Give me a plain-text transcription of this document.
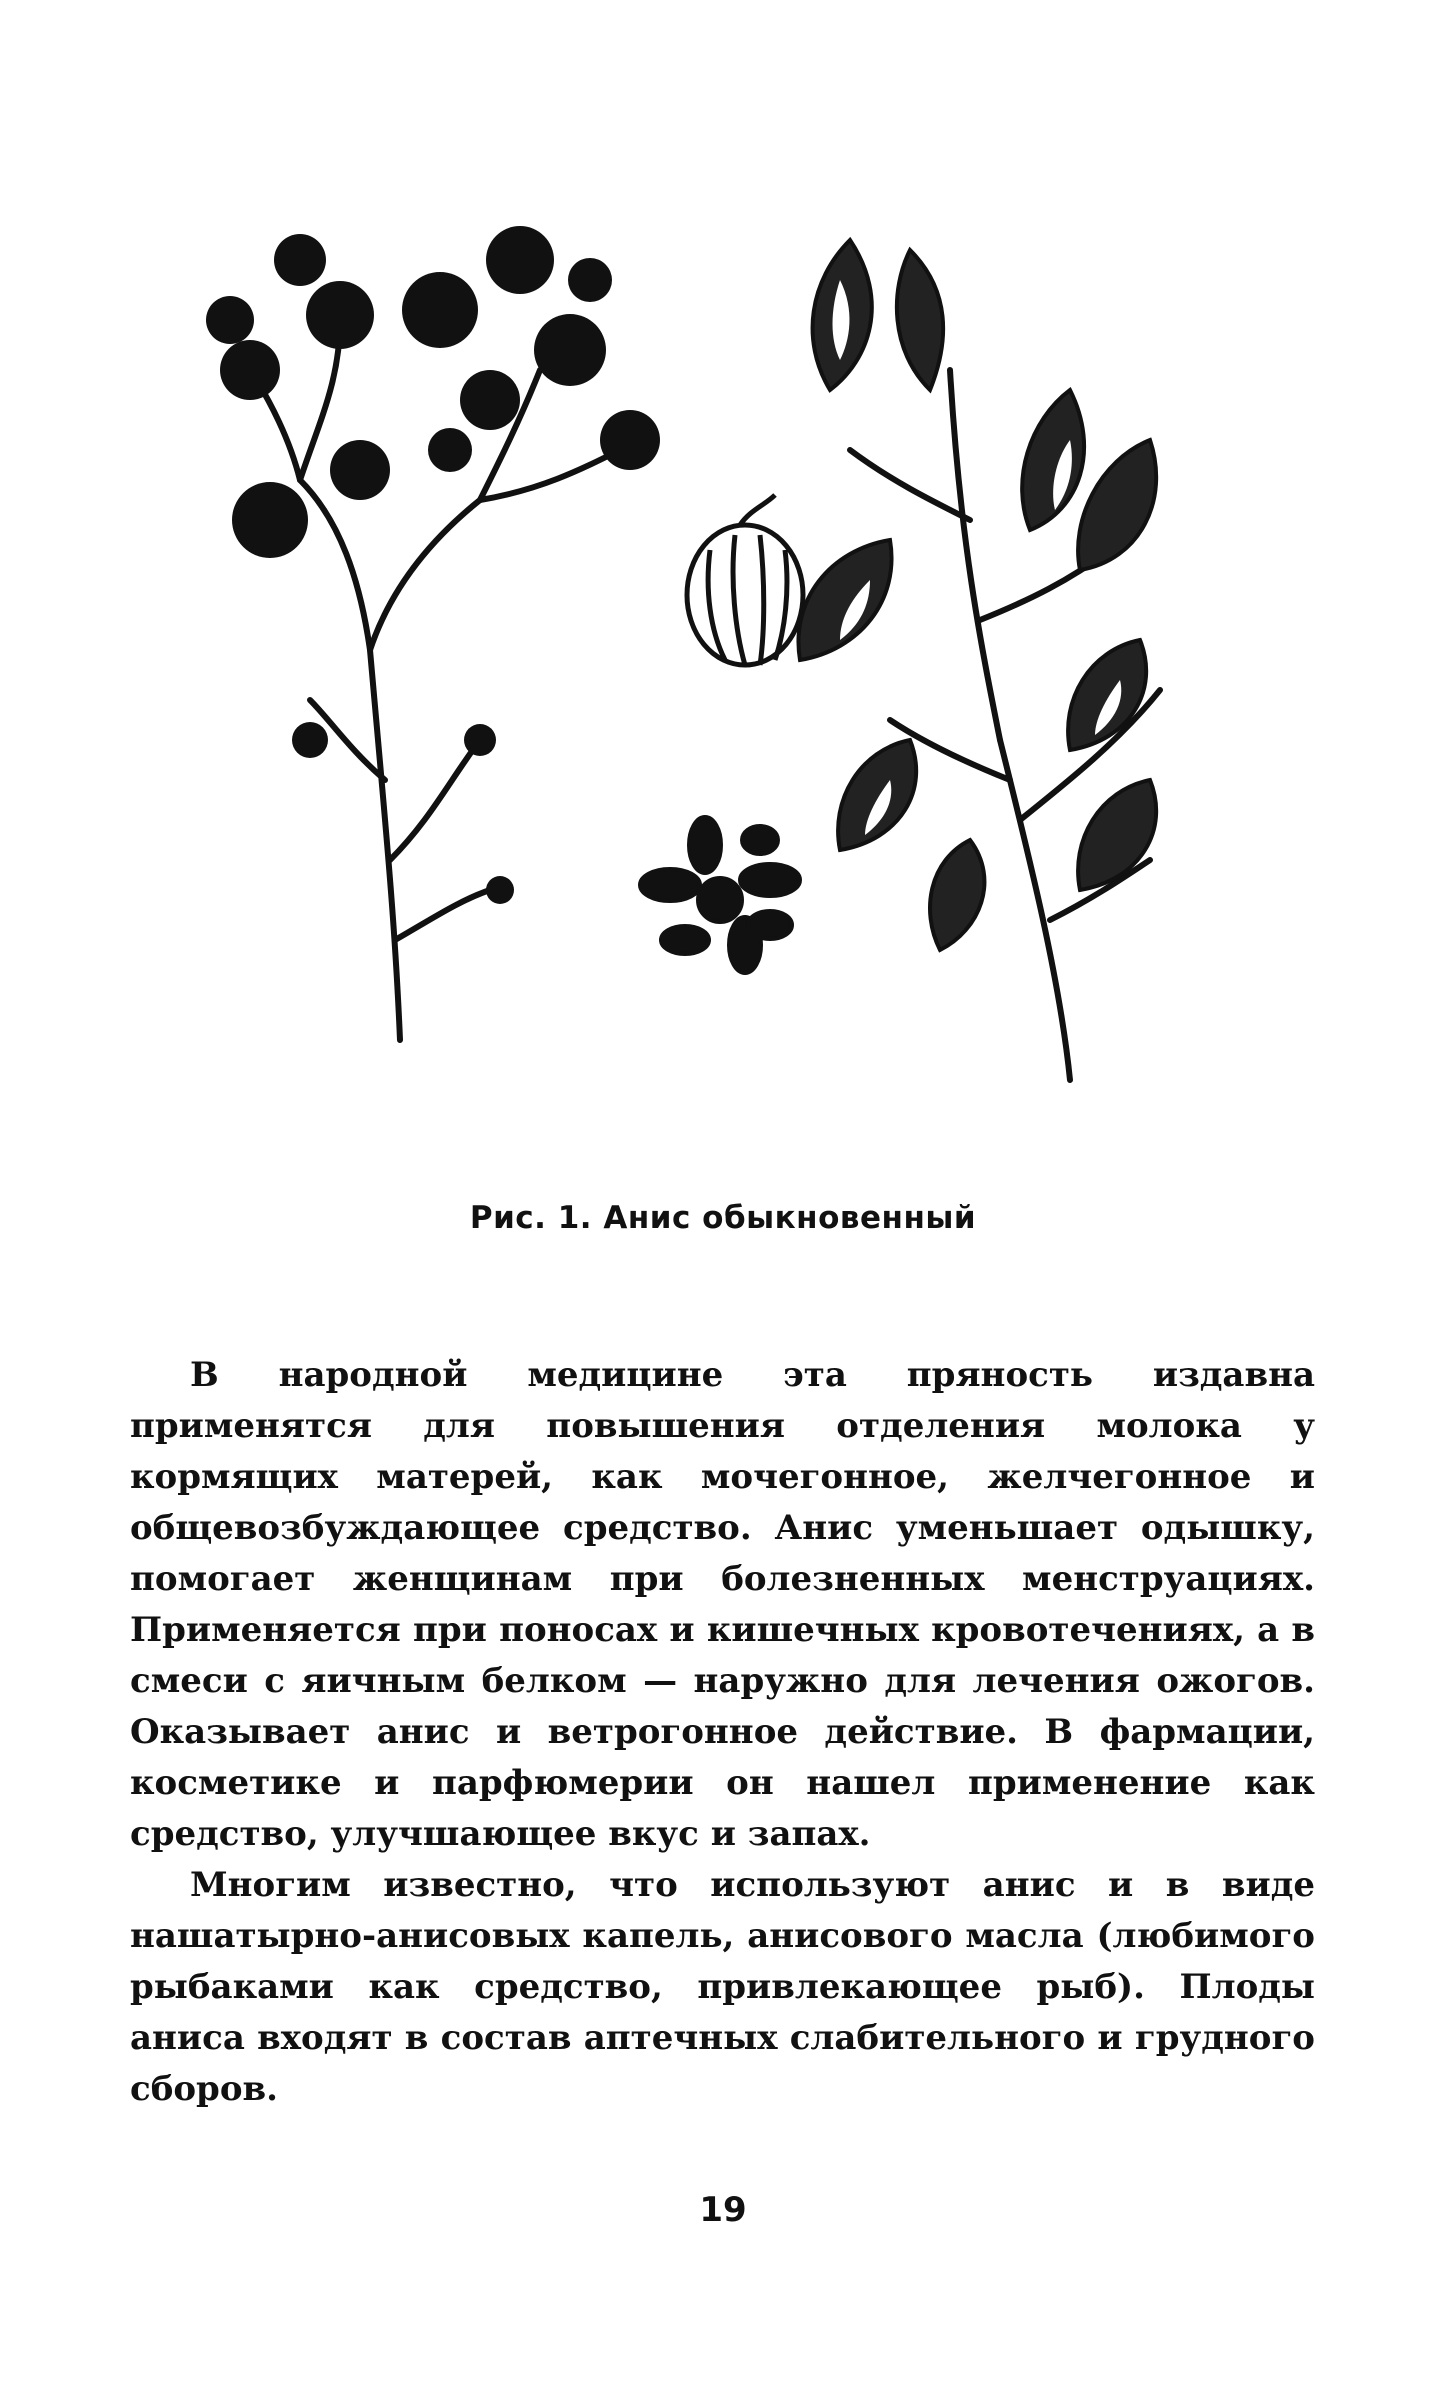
Рис. 1. Анис обыкновенный

В народной медицине эта пряность издавна применятся для повышения отделения молока у кормящих матерей, как мочегонное, желчегонное и общевозбуждающее средство. Анис уменьшает одышку, помогает женщинам при болезненных менструациях. Применяется при поносах и кишечных кровотечениях, а в смеси с яичным белком — наружно для лечения ожогов. Оказывает анис и ветрогонное действие. В фармации, косметике и парфюмерии он нашел применение как средство, улучшающее вкус и запах.

Многим известно, что используют анис и в виде нашатырно-анисовых капель, анисового масла (любимого рыбаками как средство, привлекающее рыб). Плоды аниса входят в состав аптечных слабительного и грудного сборов.

19
